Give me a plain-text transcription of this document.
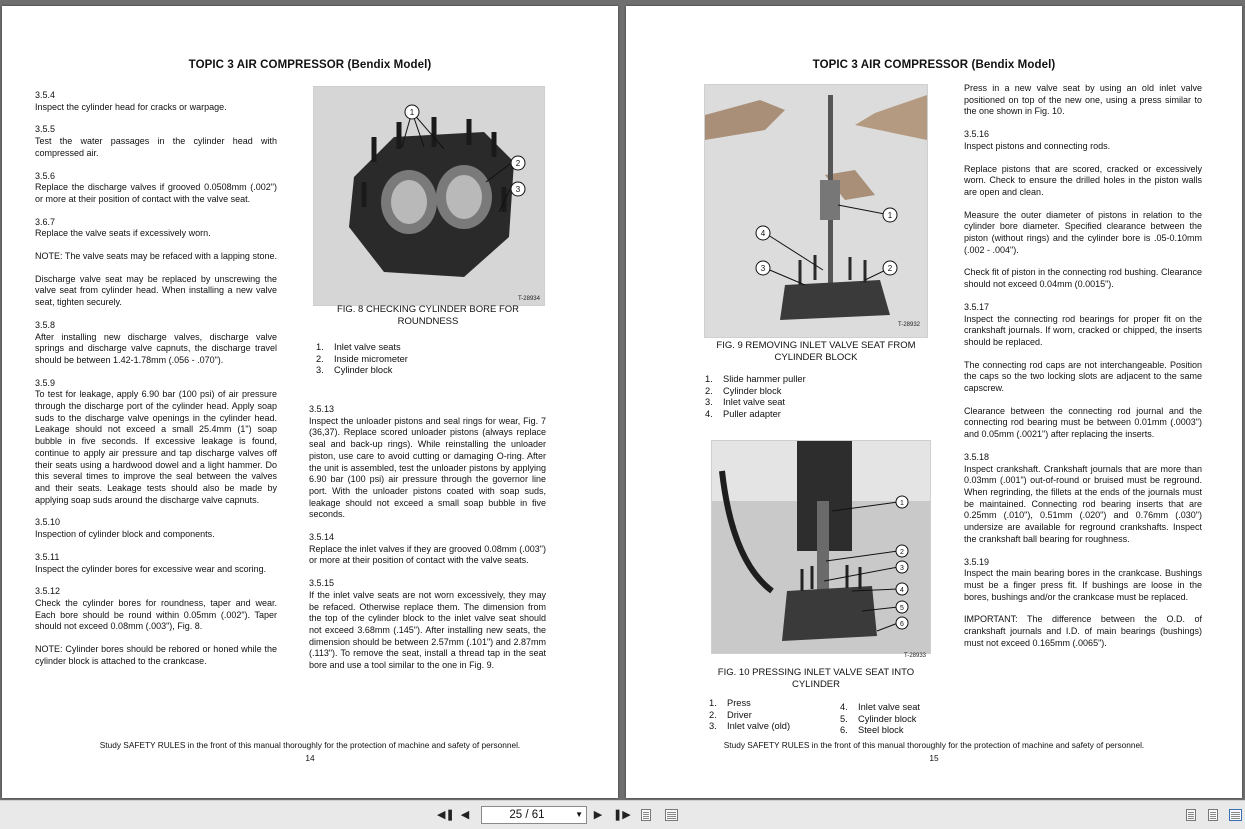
TOPIC 3 AIR COMPRESSOR (Bendix Model)

3.5.4
Inspect the cylinder head for cracks or warpage.

3.5.5
Test the water passages in the cylinder head with compressed air.

3.5.6
Replace the discharge valves if grooved 0.0508mm (.002") or more at their position of contact with the valve seat.

3.6.7
Replace the valve seats if excessively worn.

NOTE: The valve seats may be refaced with a lapping stone.

Discharge valve seat may be replaced by unscrewing the valve seat from cylinder head. When installing a new valve seat, tighten securely.

3.5.8
After installing new discharge valves, discharge valve springs and discharge valve capnuts, the discharge travel should be between 1.42-1.78mm (.056 - .070").

3.5.9
To test for leakage, apply 6.90 bar (100 psi) of air pressure through the discharge port of the cylinder head. Apply soap suds to the discharge valve openings in the cylinder head. Leakage should not exceed a small 25.4mm (1") soap bubble in five seconds. If excessive leakage is found, continue to apply air pressure and tap discharge valves off their seats using a hardwood dowel and a light hammer. Do this several times to improve the seal between the valves and their seats. Leakage tests should also be made by applying soap suds around the discharge valve capnuts.

3.5.10
Inspection of cylinder block and components.

3.5.11
Inspect the cylinder bores for excessive wear and scoring.

3.5.12
Check the cylinder bores for roundness, taper and wear. Each bore should be round within 0.05mm (.002"). Taper should not exceed 0.08mm (.003"), Fig. 8.

NOTE: Cylinder bores should be rebored or honed while the cylinder block is attached to the crankcase.

1
2
3
T-28934
FIG. 8 CHECKING CYLINDER BORE FOR ROUNDNESS
1. Inlet valve seats
2. Inside micrometer
3. Cylinder block

3.5.13
Inspect the unloader pistons and seal rings for wear, Fig. 7 (36,37). Replace scored unloader pistons (always replace seal and back-up rings). While reinstalling the unloader piston, use care to avoid cutting or damaging O-ring. After the unit is assembled, test the unloader pistons by applying 6.90 bar (100 psi) air pressure through the governor line port. With the unloader pistons coated with soap suds, leakage should not exceed a small soap bubble in five seconds.

3.5.14
Replace the inlet valves if they are grooved 0.08mm (.003") or more at their position of contact with the valve seats.

3.5.15
If the inlet valve seats are not worn excessively, they may be refaced. Otherwise replace them. The dimension from the top of the cylinder block to the inlet valve seat should not exceed 3.68mm (.145"). After installing new seats, the dimension should be between 2.57mm (.101") and 2.87mm (.113"). To remove the seat, install a thread tap in the seat bore and use a tool similar to the one in Fig. 9.

Study SAFETY RULES in the front of this manual thoroughly for the protection of machine and safety of personnel.
14
TOPIC 3 AIR COMPRESSOR (Bendix Model)
1
2
3
4
T-28932
FIG. 9 REMOVING INLET VALVE SEAT FROM CYLINDER BLOCK
1. Slide hammer puller
2. Cylinder block
3. Inlet valve seat
4. Puller adapter
1
2
3
4
5
6
T-28933
FIG. 10 PRESSING INLET VALVE SEAT INTO CYLINDER
1. Press
2. Driver
3. Inlet valve (old)
4. Inlet valve seat
5. Cylinder block
6. Steel block

Press in a new valve seat by using an old inlet valve positioned on top of the new one, using a press similar to the one shown in Fig. 10.

3.5.16
Inspect pistons and connecting rods.

Replace pistons that are scored, cracked or excessively worn. Check to ensure the drilled holes in the piston walls are open and clean.

Measure the outer diameter of pistons in relation to the cylinder bore diameter. Specified clearance between the piston (without rings) and the cylinder bore is .05-0.10mm (.002 - .004").

Check fit of piston in the connecting rod bushing. Clearance should not exceed 0.04mm (0.0015").

3.5.17
Inspect the connecting rod bearings for proper fit on the crankshaft journals. If worn, cracked or chipped, the inserts should be replaced.

The connecting rod caps are not interchangeable. Position the caps so the two locking slots are adjacent to the same capscrew.

Clearance between the connecting rod journal and the connecting rod bearing must be between 0.01mm (.0003") and 0.05mm (.0021") after replacing the inserts.

3.5.18
Inspect crankshaft. Crankshaft journals that are more than 0.03mm (.001") out-of-round or bruised must be reground. When regrinding, the fillets at the ends of the journals must be maintained. Connecting rod bearing inserts that are 0.25mm (.010"), 0.51mm (.020") and 0.76mm (.030") undersize are available for reground crankshafts. Inspect the crankshaft ball bearing for roughness.

3.5.19
Inspect the main bearing bores in the crankcase. Bushings must be a finger press fit. If bushings are loose in the bores, bushings and/or the crankcase must be replaced.

IMPORTANT: The difference between the O.D. of crankshaft journals and I.D. of main bearings (bushings) must not exceed 0.165mm (.0065").

Study SAFETY RULES in the front of this manual thoroughly for the protection of machine and safety of personnel.
15
◀❚ ◀	25 / 61	▼ ▶ ❚▶
